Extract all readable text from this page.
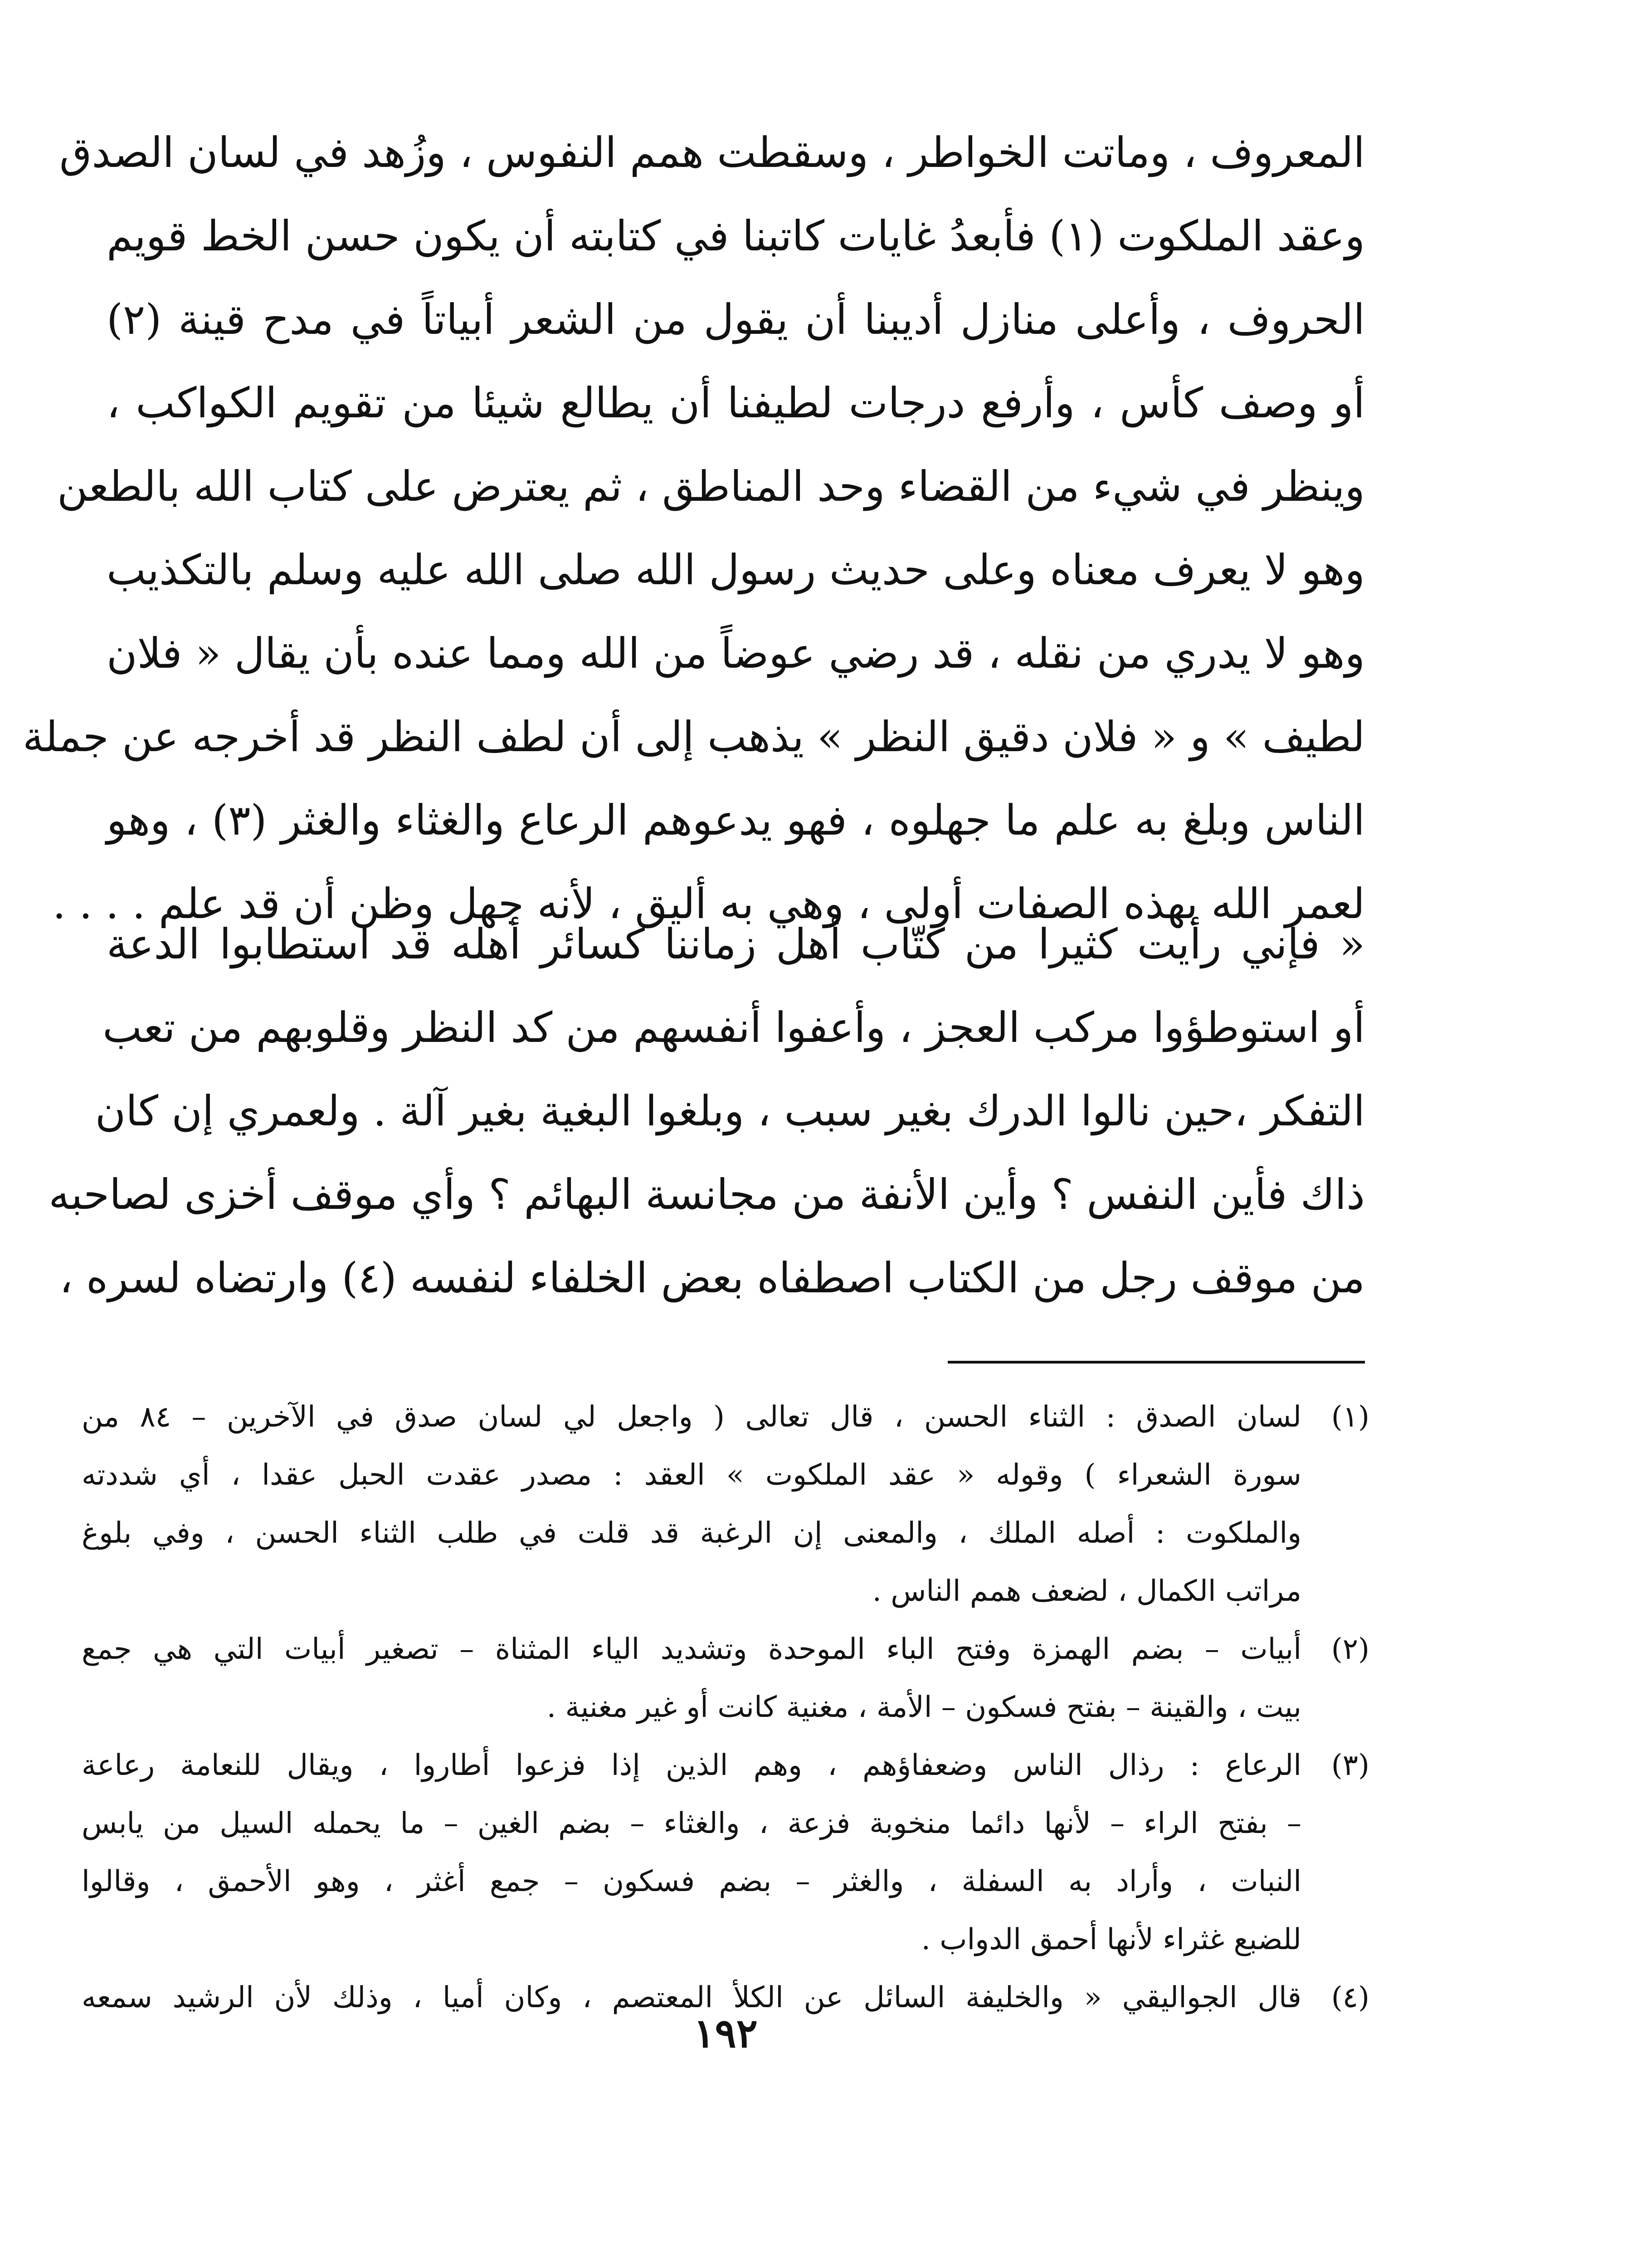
المعروف ، وماتت الخواطر ، وسقطت همم النفوس ، وزُهد في لسان الصدق
وعقد الملكوت (١) فأبعدُ غايات كاتبنا في كتابته أن يكون حسن الخط قويم
الحروف ، وأعلى منازل أديبنا أن يقول من الشعر أبياتاً في مدح قينة (٢)
أو وصف كأس ، وأرفع درجات لطيفنا أن يطالع شيئا من تقويم الكواكب ،
وينظر في شيء من القضاء وحد المناطق ، ثم يعترض على كتاب الله بالطعن
وهو لا يعرف معناه وعلى حديث رسول الله صلى الله عليه وسلم بالتكذيب
وهو لا يدري من نقله ، قد رضي عوضاً من الله ومما عنده بأن يقال « فلان
لطيف » و « فلان دقيق النظر » يذهب إلى أن لطف النظر قد أخرجه عن جملة
الناس وبلغ به علم ما جهلوه ، فهو يدعوهم الرعاع والغثاء والغثر (٣) ، وهو
لعمر الله بهذه الصفات أولى ، وهي به أليق ، لأنه جهل وظن أن قد علم . . . .
« فإني رأيت كثيرا من كتّاب أهل زماننا كسائر أهله قد استطابوا الدعة
أو استوطؤوا مركب العجز ، وأعفوا أنفسهم من كد النظر وقلوبهم من تعب
التفكر ،حين نالوا الدرك بغير سبب ، وبلغوا البغية بغير آلة . ولعمري إن كان
ذاك فأين النفس ؟ وأين الأنفة من مجانسة البهائم ؟ وأي موقف أخزى لصاحبه
من موقف رجل من الكتاب اصطفاه بعض الخلفاء لنفسه (٤) وارتضاه لسره ،
(١)
لسان الصدق : الثناء الحسن ، قال تعالى ( واجعل لي لسان صدق في الآخرين – ٨٤ من
سورة الشعراء ) وقوله « عقد الملكوت » العقد : مصدر عقدت الحبل عقدا ، أي شددته
والملكوت : أصله الملك ، والمعنى إن الرغبة قد قلت في طلب الثناء الحسن ، وفي بلوغ
مراتب الكمال ، لضعف همم الناس .
(٢)
أبيات – بضم الهمزة وفتح الباء الموحدة وتشديد الياء المثناة – تصغير أبيات التي هي جمع
بيت ، والقينة – بفتح فسكون – الأمة ، مغنية كانت أو غير مغنية .
(٣)
الرعاع : رذال الناس وضعفاؤهم ، وهم الذين إذا فزعوا أطاروا ، ويقال للنعامة رعاعة
– بفتح الراء – لأنها دائما منخوبة فزعة ، والغثاء – بضم الغين – ما يحمله السيل من يابس
النبات ، وأراد به السفلة ، والغثر – بضم فسكون – جمع أغثر ، وهو الأحمق ، وقالوا
للضبع غثراء لأنها أحمق الدواب .
(٤)
قال الجواليقي « والخليفة السائل عن الكلأ المعتصم ، وكان أميا ، وذلك لأن الرشيد سمعه
١٩٢
